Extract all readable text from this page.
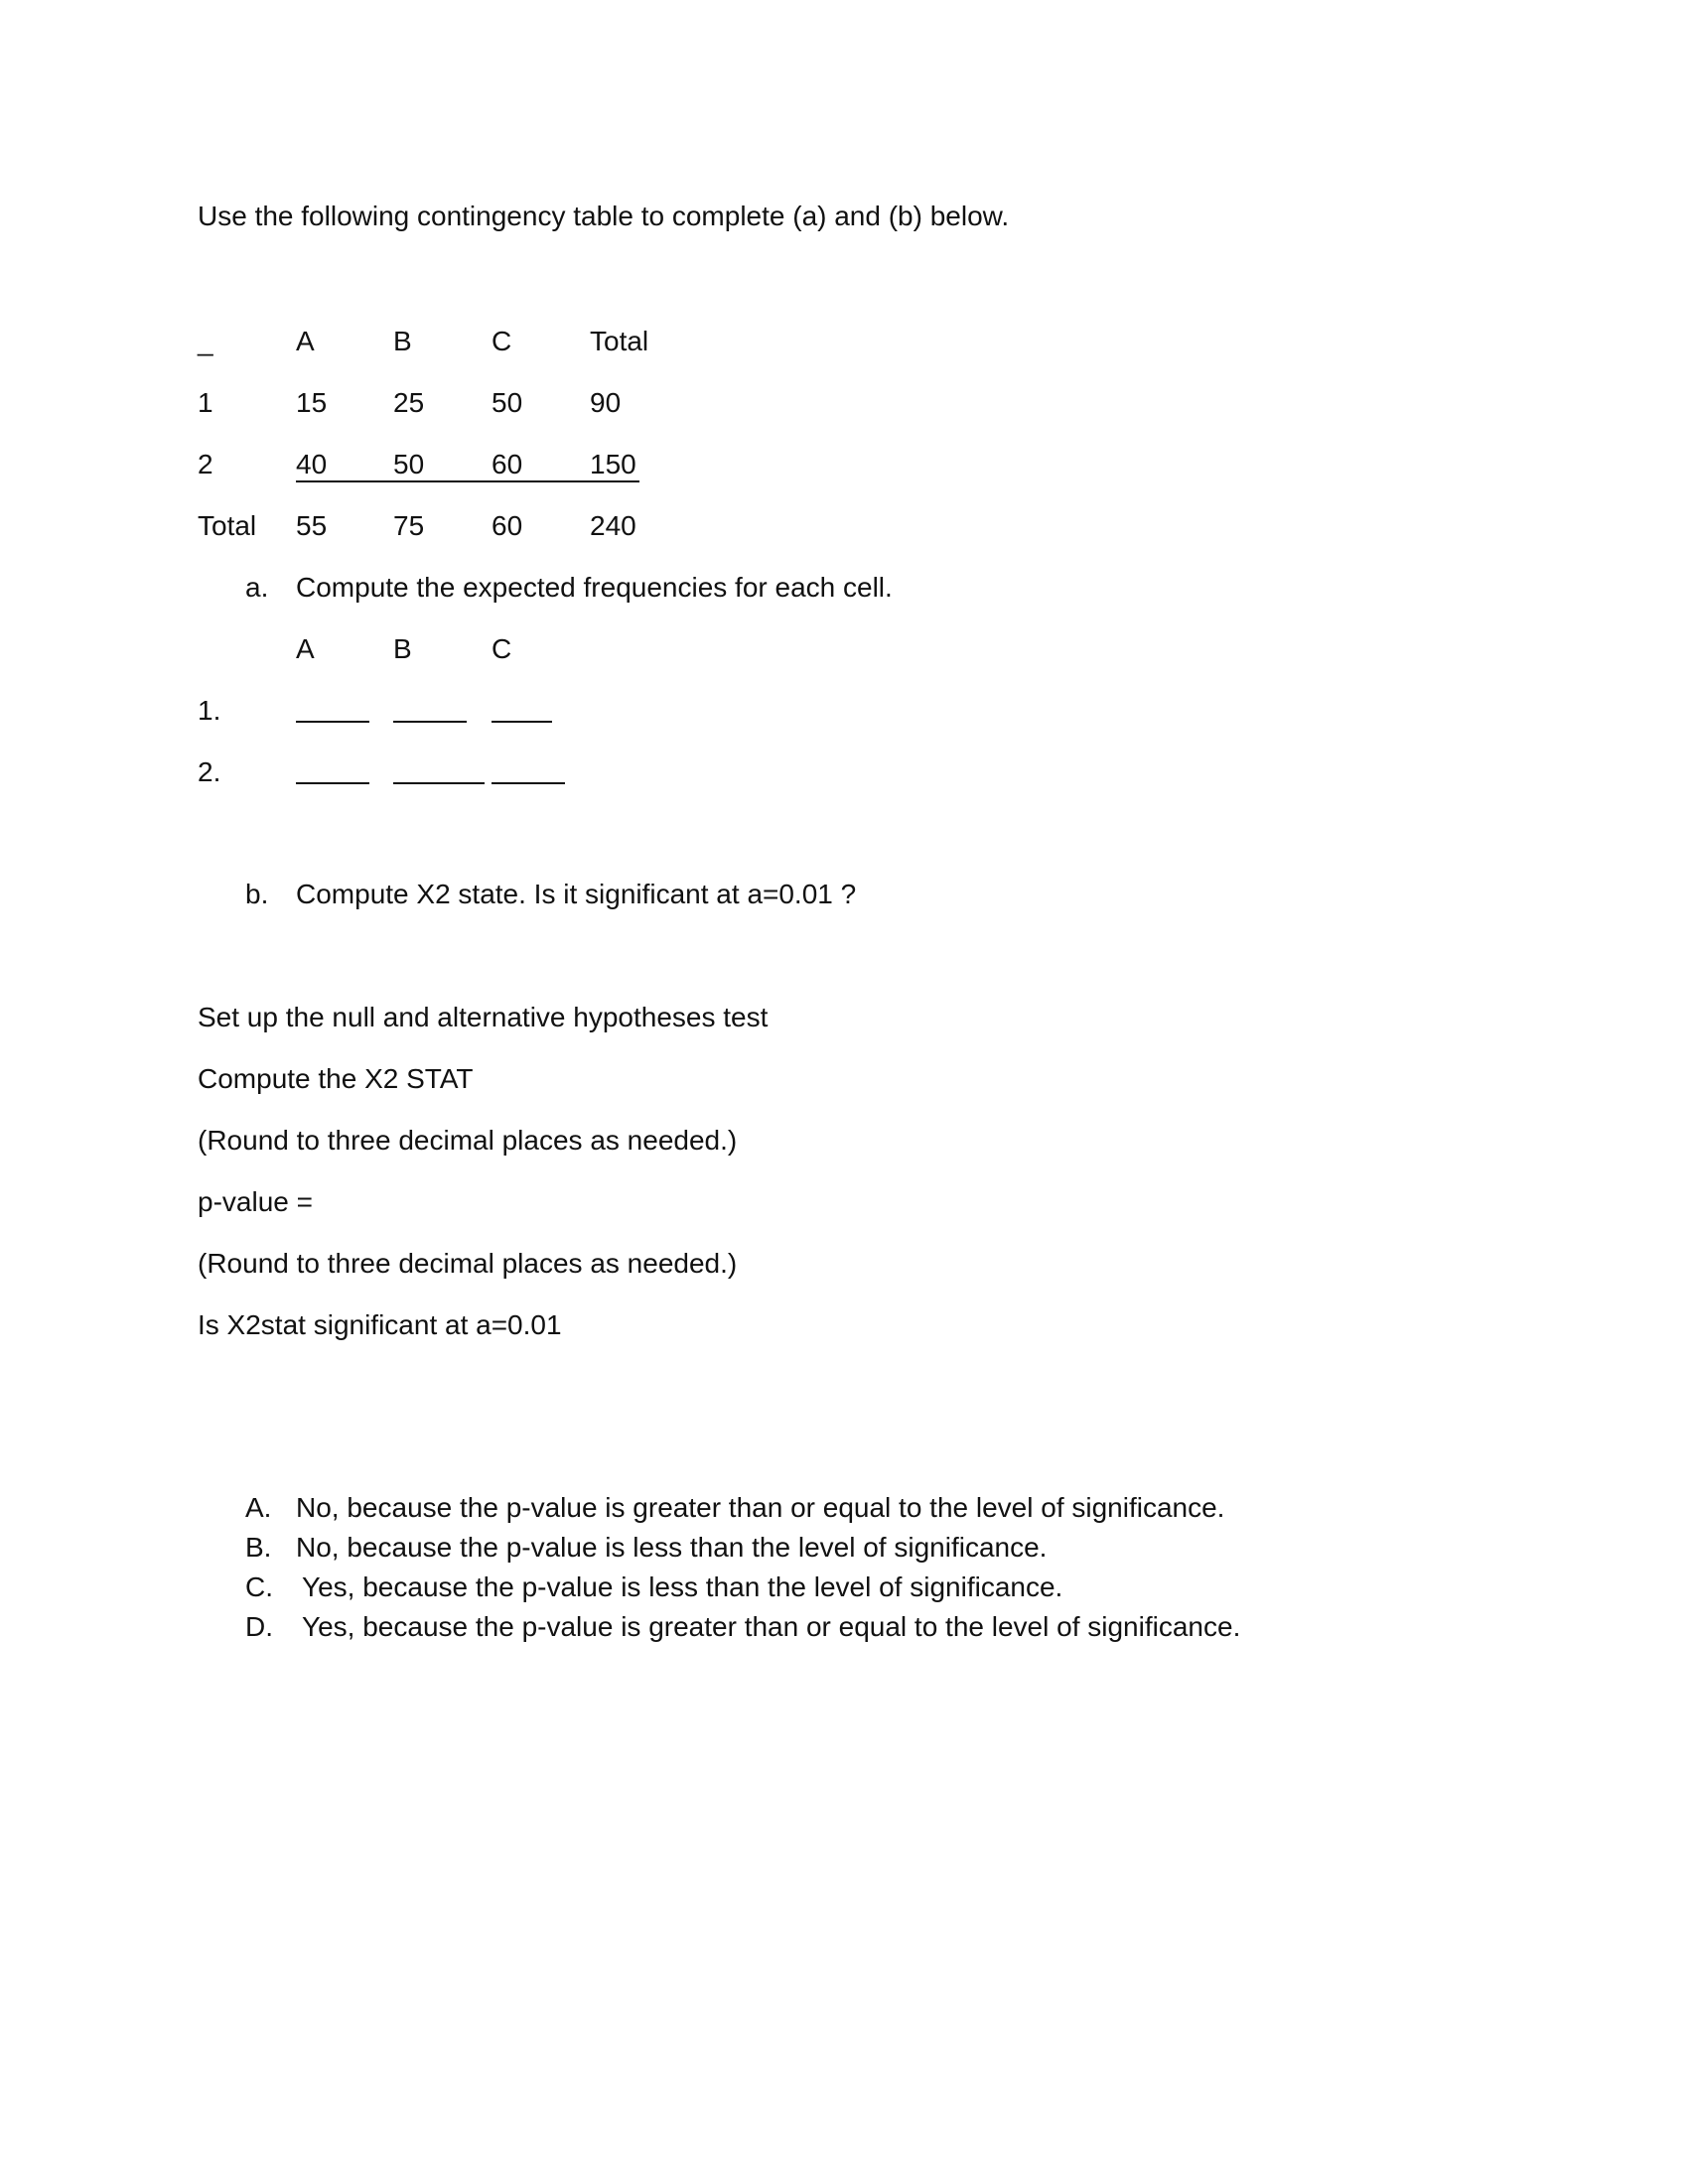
Use the following contingency table to complete (a) and (b) below.
_	A	B	C	Total
1	15 25 50 90
2	40 50 60 150
Total 55 75 60 240
a. Compute the expected frequencies for each cell.
A	B	C
1.
2.
b. Compute X2 state. Is it significant at a=0.01 ?
Set up the null and alternative hypotheses test
Compute the X2 STAT
(Round to three decimal places as needed.)
p-value =
(Round to three decimal places as needed.)
Is X2stat significant at a=0.01
A. No, because the p-value is greater than or equal to the level of significance.
B. No, because the p-value is less than the level of significance.
C. Yes, because the p-value is less than the level of significance.
D. Yes, because the p-value is greater than or equal to the level of significance.
